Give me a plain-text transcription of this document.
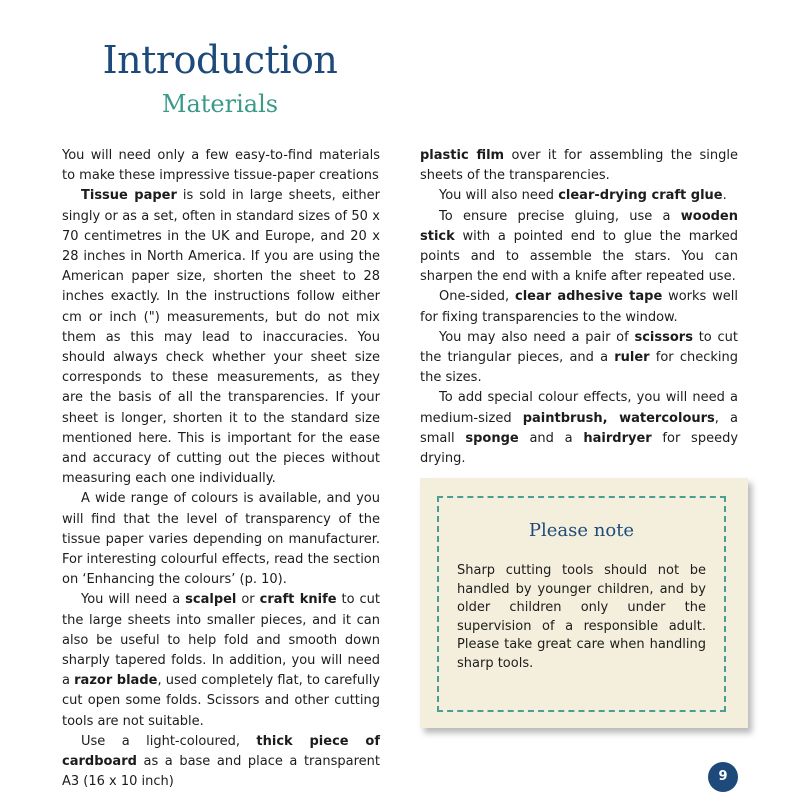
Introduction
Materials

You will need only a few easy-to-find materials to make these impressive tissue-paper creations

Tissue paper is sold in large sheets, either singly or as a set, often in standard sizes of 50 x 70 centimetres in the UK and Europe, and 20 x 28 inches in North America. If you are using the American paper size, shorten the sheet to 28 inches exactly. In the instructions follow either cm or inch (") measurements, but do not mix them as this may lead to inaccuracies. You should always check whether your sheet size corresponds to these measurements, as they are the basis of all the transparencies. If your sheet is longer, shorten it to the standard size mentioned here. This is important for the ease and accuracy of cutting out the pieces without measuring each one individually.

A wide range of colours is available, and you will find that the level of transparency of the tissue paper varies depending on manufacturer. For interesting colourful effects, read the section on ‘Enhancing the colours’ (p. 10).

You will need a scalpel or craft knife to cut the large sheets into smaller pieces, and it can also be useful to help fold and smooth down sharply tapered folds. In addition, you will need a razor blade, used completely flat, to carefully cut open some folds. Scissors and other cutting tools are not suitable.

Use a light-coloured, thick piece of cardboard as a base and place a transparent A3 (16 x 10 inch)

plastic film over it for assembling the single sheets of the transparencies.

You will also need clear-drying craft glue.

To ensure precise gluing, use a wooden stick with a pointed end to glue the marked points and to assemble the stars. You can sharpen the end with a knife after repeated use.

One-sided, clear adhesive tape works well for fixing transparencies to the window.

You may also need a pair of scissors to cut the triangular pieces, and a ruler for checking the sizes.

To add special colour effects, you will need a medium-sized paintbrush, watercolours, a small sponge and a hairdryer for speedy drying.

Please note
Sharp cutting tools should not be handled by younger children, and by older children only under the supervision of a responsible adult. Please take great care when handling sharp tools.
9
